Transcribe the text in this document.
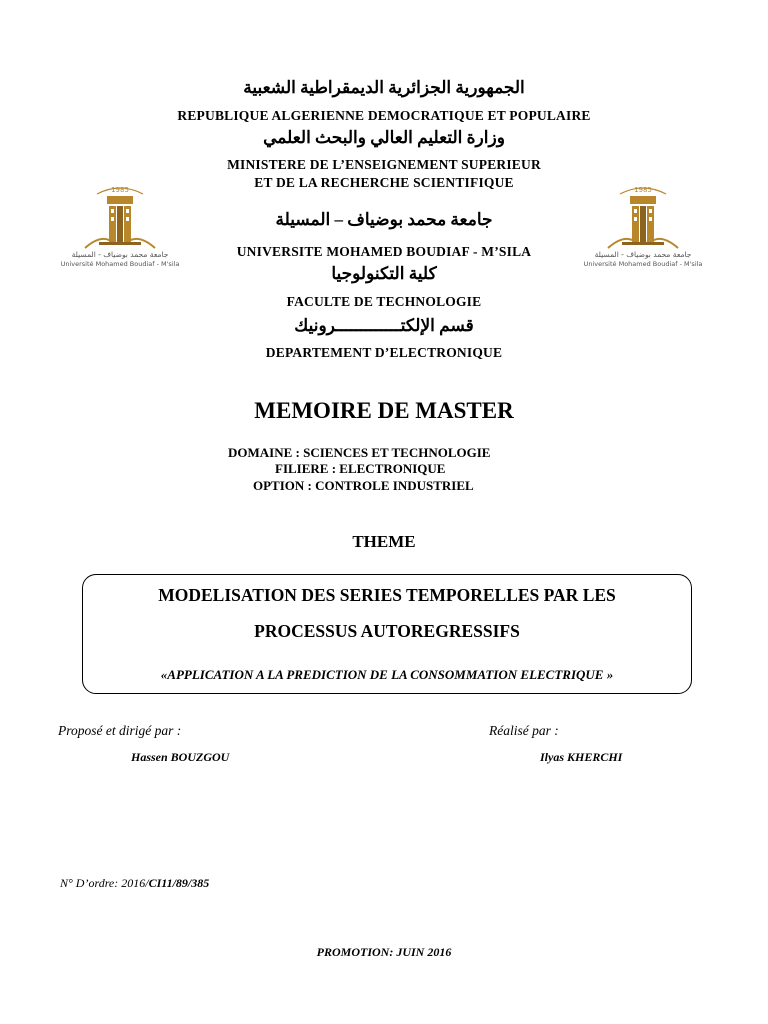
الجمهورية الجزائرية الديمقراطية الشعبية
REPUBLIQUE ALGERIENNE DEMOCRATIQUE ET POPULAIRE
وزارة التعليم العالي والبحث العلمي
MINISTERE DE L’ENSEIGNEMENT SUPERIEUR
ET DE LA RECHERCHE SCIENTIFIQUE
جامعة محمد بوضياف – المسيلة
UNIVERSITE MOHAMED BOUDIAF - M’SILA
كلية التكنولوجيا
FACULTE DE TECHNOLOGIE
قسم الإلكتـــــــــــــرونيك
DEPARTEMENT D’ELECTRONIQUE
1985
جامعة محمد بوضياف - المسيلة
Université Mohamed Boudiaf - M'sila
1985
جامعة محمد بوضياف - المسيلة
Université Mohamed Boudiaf - M'sila
MEMOIRE DE MASTER
DOMAINE : SCIENCES ET TECHNOLOGIE
FILIERE : ELECTRONIQUE
OPTION : CONTROLE INDUSTRIEL
THEME
MODELISATION DES SERIES TEMPORELLES PAR LES
PROCESSUS AUTOREGRESSIFS
«APPLICATION A LA PREDICTION DE LA CONSOMMATION ELECTRIQUE »
Proposé et dirigé par :
Hassen BOUZGOU
Réalisé par :
Ilyas KHERCHI
N° D’ordre: 2016/CI11/89/385
PROMOTION: JUIN 2016
